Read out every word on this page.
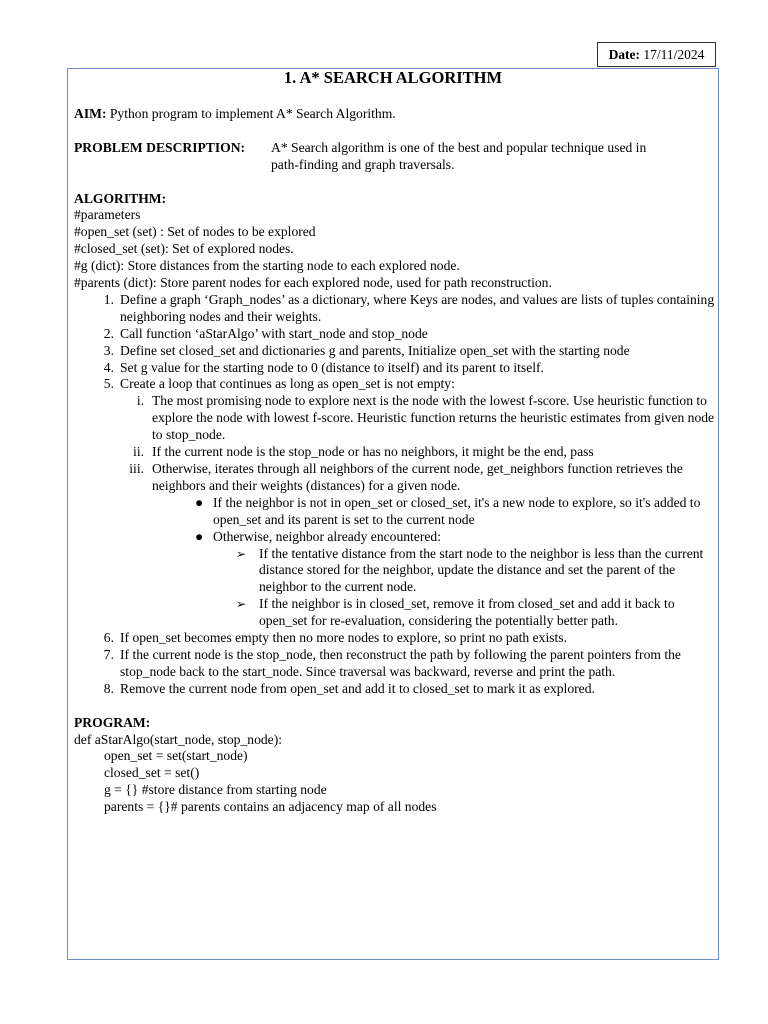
Date: 17/11/2024
1. A* SEARCH ALGORITHM

AIM: Python program to implement A* Search Algorithm.

PROBLEM DESCRIPTION:	A* Search algorithm is one of the best and popular technique used in
path-finding and graph traversals.
ALGORITHM:
#parameters
#open_set (set) : Set of nodes to be explored
#closed_set (set): Set of explored nodes.
#g (dict): Store distances from the starting node to each explored node.
#parents (dict): Store parent nodes for each explored node, used for path reconstruction.
1. Define a graph ‘Graph_nodes’ as a dictionary, where Keys are nodes, and values are lists of tuples containing neighboring nodes and their weights.
2. Call function ‘aStarAlgo’ with start_node and stop_node
3. Define set closed_set and dictionaries g and parents, Initialize open_set with the starting node
4. Set g value for the starting node to 0 (distance to itself) and its parent to itself.
5. Create a loop that continues as long as open_set is not empty:
i. The most promising node to explore next is the node with the lowest f-score. Use heuristic function to explore the node with lowest f-score. Heuristic function returns the heuristic estimates from given node to stop_node.
ii. If the current node is the stop_node or has no neighbors, it might be the end, pass
iii. Otherwise, iterates through all neighbors of the current node, get_neighbors function retrieves the neighbors and their weights (distances) for a given node.
● If the neighbor is not in open_set or closed_set, it's a new node to explore, so it's added to open_set and its parent is set to the current node
● Otherwise, neighbor already encountered:
➢ If the tentative distance from the start node to the neighbor is less than the current distance stored for the neighbor, update the distance and set the parent of the neighbor to the current node.
➢ If the neighbor is in closed_set, remove it from closed_set and add it back to open_set for re-evaluation, considering the potentially better path.
6. If open_set becomes empty then no more nodes to explore, so print no path exists.
7. If the current node is the stop_node, then reconstruct the path by following the parent pointers from the stop_node back to the start_node. Since traversal was backward, reverse and print the path.
8. Remove the current node from open_set and add it to closed_set to mark it as explored.
PROGRAM:
def aStarAlgo(start_node, stop_node):
open_set = set(start_node)
closed_set = set()
g = {} #store distance from starting node
parents = {}# parents contains an adjacency map of all nodes
